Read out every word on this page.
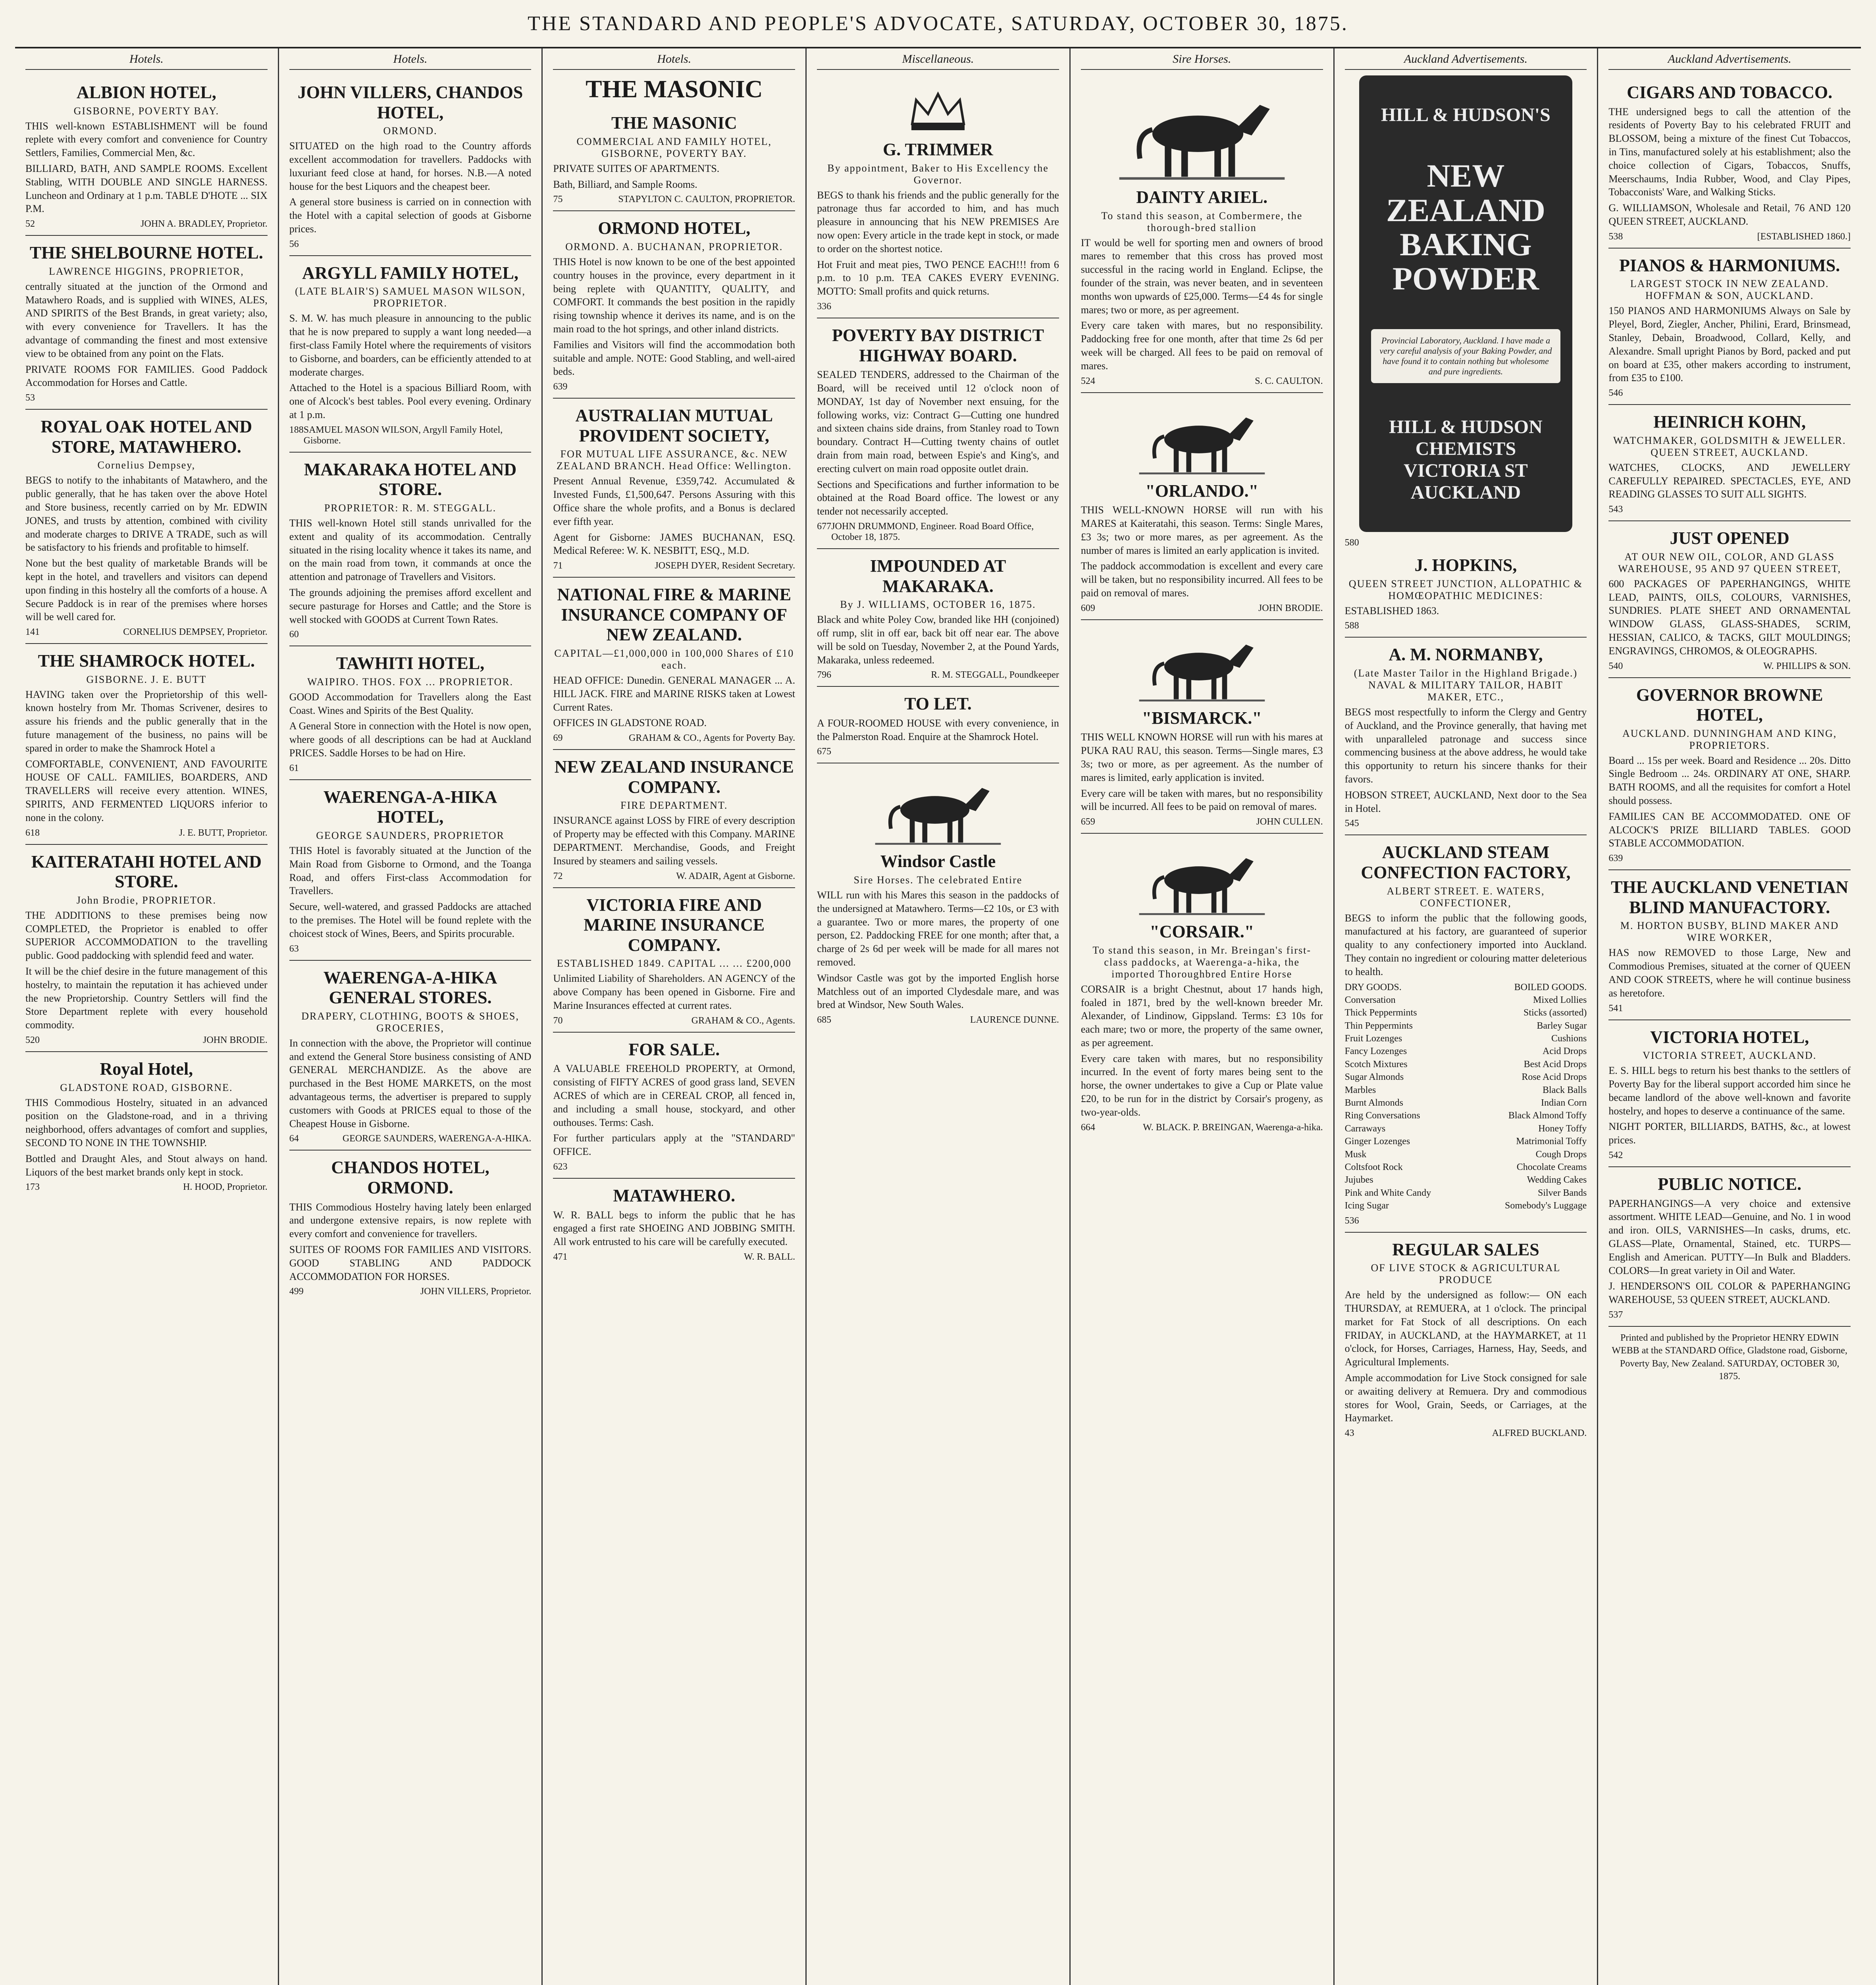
THE STANDARD AND PEOPLE'S ADVOCATE, SATURDAY, OCTOBER 30, 1875.
Hotels.
ALBION HOTEL,
GISBORNE, POVERTY BAY.
THIS well-known ESTABLISHMENT will be found replete with every comfort and convenience for Country Settlers, Families, Commercial Men, &c.
BILLIARD, BATH, AND SAMPLE ROOMS. Excellent Stabling, WITH DOUBLE AND SINGLE HARNESS. Luncheon and Ordinary at 1 p.m. TABLE D'HOTE ... SIX P.M.
52	JOHN A. BRADLEY, Proprietor.
THE SHELBOURNE HOTEL.
LAWRENCE HIGGINS, PROPRIETOR,
centrally situated at the junction of the Ormond and Matawhero Roads, and is supplied with WINES, ALES, AND SPIRITS of the Best Brands, in great variety; also, with every convenience for Travellers. It has the advantage of commanding the finest and most extensive view to be obtained from any point on the Flats.
PRIVATE ROOMS FOR FAMILIES. Good Paddock Accommodation for Horses and Cattle.
53
ROYAL OAK HOTEL AND STORE, MATAWHERO.
Cornelius Dempsey,
BEGS to notify to the inhabitants of Matawhero, and the public generally, that he has taken over the above Hotel and Store business, recently carried on by Mr. EDWIN JONES, and trusts by attention, combined with civility and moderate charges to DRIVE A TRADE, such as will be satisfactory to his friends and profitable to himself.
None but the best quality of marketable Brands will be kept in the hotel, and travellers and visitors can depend upon finding in this hostelry all the comforts of a house. A Secure Paddock is in rear of the premises where horses will be well cared for.
141	CORNELIUS DEMPSEY, Proprietor.
THE SHAMROCK HOTEL.
GISBORNE. J. E. BUTT
HAVING taken over the Proprietorship of this well-known hostelry from Mr. Thomas Scrivener, desires to assure his friends and the public generally that in the future management of the business, no pains will be spared in order to make the Shamrock Hotel a
COMFORTABLE, CONVENIENT, AND FAVOURITE HOUSE OF CALL. FAMILIES, BOARDERS, AND TRAVELLERS will receive every attention. WINES, SPIRITS, AND FERMENTED LIQUORS inferior to none in the colony.
618	J. E. BUTT, Proprietor.
KAITERATAHI HOTEL AND STORE.
John Brodie, PROPRIETOR.
THE ADDITIONS to these premises being now COMPLETED, the Proprietor is enabled to offer SUPERIOR ACCOMMODATION to the travelling public. Good paddocking with splendid feed and water.
It will be the chief desire in the future management of this hostelry, to maintain the reputation it has achieved under the new Proprietorship. Country Settlers will find the Store Department replete with every household commodity.
520	JOHN BRODIE.
Royal Hotel,
GLADSTONE ROAD, GISBORNE.
THIS Commodious Hostelry, situated in an advanced position on the Gladstone-road, and in a thriving neighborhood, offers advantages of comfort and supplies, SECOND TO NONE IN THE TOWNSHIP.
Bottled and Draught Ales, and Stout always on hand. Liquors of the best market brands only kept in stock.
173	H. HOOD, Proprietor.
Hotels.
JOHN VILLERS, CHANDOS HOTEL,
ORMOND.
SITUATED on the high road to the Country affords excellent accommodation for travellers. Paddocks with luxuriant feed close at hand, for horses. N.B.—A noted house for the best Liquors and the cheapest beer.
A general store business is carried on in connection with the Hotel with a capital selection of goods at Gisborne prices.
56
ARGYLL FAMILY HOTEL,
(LATE BLAIR'S) SAMUEL MASON WILSON, PROPRIETOR.
S. M. W. has much pleasure in announcing to the public that he is now prepared to supply a want long needed—a first-class Family Hotel where the requirements of visitors to Gisborne, and boarders, can be efficiently attended to at moderate charges.
Attached to the Hotel is a spacious Billiard Room, with one of Alcock's best tables. Pool every evening. Ordinary at 1 p.m.
188 SAMUEL MASON WILSON, Argyll Family Hotel, Gisborne.
MAKARAKA HOTEL AND STORE.
PROPRIETOR: R. M. STEGGALL.
THIS well-known Hotel still stands unrivalled for the extent and quality of its accommodation. Centrally situated in the rising locality whence it takes its name, and on the main road from town, it commands at once the attention and patronage of Travellers and Visitors.
The grounds adjoining the premises afford excellent and secure pasturage for Horses and Cattle; and the Store is well stocked with GOODS at Current Town Rates.
60
TAWHITI HOTEL,
WAIPIRO. THOS. FOX ... PROPRIETOR.
GOOD Accommodation for Travellers along the East Coast. Wines and Spirits of the Best Quality.
A General Store in connection with the Hotel is now open, where goods of all descriptions can be had at Auckland PRICES. Saddle Horses to be had on Hire.
61
WAERENGA-A-HIKA HOTEL,
GEORGE SAUNDERS, PROPRIETOR
THIS Hotel is favorably situated at the Junction of the Main Road from Gisborne to Ormond, and the Toanga Road, and offers First-class Accommodation for Travellers.
Secure, well-watered, and grassed Paddocks are attached to the premises. The Hotel will be found replete with the choicest stock of Wines, Beers, and Spirits procurable.
63
WAERENGA-A-HIKA GENERAL STORES.
DRAPERY, CLOTHING, BOOTS & SHOES, GROCERIES,
In connection with the above, the Proprietor will continue and extend the General Store business consisting of AND GENERAL MERCHANDIZE. As the above are purchased in the Best HOME MARKETS, on the most advantageous terms, the advertiser is prepared to supply customers with Goods at PRICES equal to those of the Cheapest House in Gisborne.
64	GEORGE SAUNDERS, WAERENGA-A-HIKA.
CHANDOS HOTEL, ORMOND.
THIS Commodious Hostelry having lately been enlarged and undergone extensive repairs, is now replete with every comfort and convenience for travellers.
SUITES OF ROOMS FOR FAMILIES AND VISITORS. GOOD STABLING AND PADDOCK ACCOMMODATION FOR HORSES.
499	JOHN VILLERS, Proprietor.
Hotels.
THE MASONIC
THE MASONIC
COMMERCIAL AND FAMILY HOTEL, GISBORNE, POVERTY BAY.
PRIVATE SUITES OF APARTMENTS.
Bath, Billiard, and Sample Rooms.
75	STAPYLTON C. CAULTON, PROPRIETOR.
ORMOND HOTEL,
ORMOND. A. BUCHANAN, PROPRIETOR.
THIS Hotel is now known to be one of the best appointed country houses in the province, every department in it being replete with QUANTITY, QUALITY, and COMFORT. It commands the best position in the rapidly rising township whence it derives its name, and is on the main road to the hot springs, and other inland districts.
Families and Visitors will find the accommodation both suitable and ample. NOTE: Good Stabling, and well-aired beds.
639
AUSTRALIAN MUTUAL PROVIDENT SOCIETY,
FOR MUTUAL LIFE ASSURANCE, &c. NEW ZEALAND BRANCH. Head Office: Wellington.
Present Annual Revenue, £359,742. Accumulated & Invested Funds, £1,500,647. Persons Assuring with this Office share the whole profits, and a Bonus is declared ever fifth year.
Agent for Gisborne: JAMES BUCHANAN, ESQ. Medical Referee: W. K. NESBITT, ESQ., M.D.
71	JOSEPH DYER, Resident Secretary.
NATIONAL FIRE & MARINE INSURANCE COMPANY OF NEW ZEALAND.
CAPITAL—£1,000,000 in 100,000 Shares of £10 each.
HEAD OFFICE: Dunedin. GENERAL MANAGER ... A. HILL JACK. FIRE and MARINE RISKS taken at Lowest Current Rates.
OFFICES IN GLADSTONE ROAD.
69	GRAHAM & CO., Agents for Poverty Bay.
NEW ZEALAND INSURANCE COMPANY.
FIRE DEPARTMENT.
INSURANCE against LOSS by FIRE of every description of Property may be effected with this Company. MARINE DEPARTMENT. Merchandise, Goods, and Freight Insured by steamers and sailing vessels.
72	W. ADAIR, Agent at Gisborne.
VICTORIA FIRE AND MARINE INSURANCE COMPANY.
ESTABLISHED 1849. CAPITAL ... ... £200,000
Unlimited Liability of Shareholders. AN AGENCY of the above Company has been opened in Gisborne. Fire and Marine Insurances effected at current rates.
70	GRAHAM & CO., Agents.
FOR SALE.
A VALUABLE FREEHOLD PROPERTY, at Ormond, consisting of FIFTY ACRES of good grass land, SEVEN ACRES of which are in CEREAL CROP, all fenced in, and including a small house, stockyard, and other outhouses. Terms: Cash.
For further particulars apply at the "STANDARD" OFFICE.
623
MATAWHERO.
W. R. BALL begs to inform the public that he has engaged a first rate SHOEING AND JOBBING SMITH. All work entrusted to his care will be carefully executed.
471	W. R. BALL.
Miscellaneous.
G. TRIMMER
By appointment, Baker to His Excellency the Governor.
BEGS to thank his friends and the public generally for the patronage thus far accorded to him, and has much pleasure in announcing that his NEW PREMISES Are now open: Every article in the trade kept in stock, or made to order on the shortest notice.
Hot Fruit and meat pies, TWO PENCE EACH!!! from 6 p.m. to 10 p.m. TEA CAKES EVERY EVENING. MOTTO: Small profits and quick returns.
336
POVERTY BAY DISTRICT HIGHWAY BOARD.
SEALED TENDERS, addressed to the Chairman of the Board, will be received until 12 o'clock noon of MONDAY, 1st day of November next ensuing, for the following works, viz: Contract G—Cutting one hundred and sixteen chains side drains, from Stanley road to Town boundary. Contract H—Cutting twenty chains of outlet drain from main road, between Espie's and King's, and erecting culvert on main road opposite outlet drain.
Sections and Specifications and further information to be obtained at the Road Board office. The lowest or any tender not necessarily accepted.
677 JOHN DRUMMOND, Engineer. Road Board Office, October 18, 1875.
IMPOUNDED AT MAKARAKA.
By J. WILLIAMS, OCTOBER 16, 1875.
Black and white Poley Cow, branded like HH (conjoined) off rump, slit in off ear, back bit off near ear. The above will be sold on Tuesday, November 2, at the Pound Yards, Makaraka, unless redeemed.
796	R. M. STEGGALL, Poundkeeper
TO LET.
A FOUR-ROOMED HOUSE with every convenience, in the Palmerston Road. Enquire at the Shamrock Hotel.
675
Windsor Castle
Sire Horses. The celebrated Entire
WILL run with his Mares this season in the paddocks of the undersigned at Matawhero. Terms—£2 10s, or £3 with a guarantee. Two or more mares, the property of one person, £2. Paddocking FREE for one month; after that, a charge of 2s 6d per week will be made for all mares not removed.
Windsor Castle was got by the imported English horse Matchless out of an imported Clydesdale mare, and was bred at Windsor, New South Wales.
685	LAURENCE DUNNE.
Sire Horses.
DAINTY ARIEL.
To stand this season, at Combermere, the thorough-bred stallion
IT would be well for sporting men and owners of brood mares to remember that this cross has proved most successful in the racing world in England. Eclipse, the founder of the strain, was never beaten, and in seventeen months won upwards of £25,000. Terms—£4 4s for single mares; two or more, as per agreement.
Every care taken with mares, but no responsibility. Paddocking free for one month, after that time 2s 6d per week will be charged. All fees to be paid on removal of mares.
524	S. C. CAULTON.
"ORLANDO."
THIS WELL-KNOWN HORSE will run with his MARES at Kaiteratahi, this season. Terms: Single Mares, £3 3s; two or more mares, as per agreement. As the number of mares is limited an early application is invited.
The paddock accommodation is excellent and every care will be taken, but no responsibility incurred. All fees to be paid on removal of mares.
609	JOHN BRODIE.
"BISMARCK."
THIS WELL KNOWN HORSE will run with his mares at PUKA RAU RAU, this season. Terms—Single mares, £3 3s; two or more, as per agreement. As the number of mares is limited, early application is invited.
Every care will be taken with mares, but no responsibility will be incurred. All fees to be paid on removal of mares.
659	JOHN CULLEN.
"CORSAIR."
To stand this season, in Mr. Breingan's first-class paddocks, at Waerenga-a-hika, the imported Thoroughbred Entire Horse
CORSAIR is a bright Chestnut, about 17 hands high, foaled in 1871, bred by the well-known breeder Mr. Alexander, of Lindinow, Gippsland. Terms: £3 10s for each mare; two or more, the property of the same owner, as per agreement.
Every care taken with mares, but no responsibility incurred. In the event of forty mares being sent to the horse, the owner undertakes to give a Cup or Plate value £20, to be run for in the district by Corsair's progeny, as two-year-olds.
664	W. BLACK. P. BREINGAN, Waerenga-a-hika.
Auckland Advertisements.
HILL & HUDSON'S
NEW ZEALAND BAKING POWDER
Provincial Laboratory, Auckland. I have made a very careful analysis of your Baking Powder, and have found it to contain nothing but wholesome and pure ingredients.
HILL & HUDSON CHEMISTS VICTORIA ST AUCKLAND
580
J. HOPKINS,
QUEEN STREET JUNCTION, ALLOPATHIC & HOMŒOPATHIC MEDICINES:
ESTABLISHED 1863.
588
A. M. NORMANBY,
(Late Master Tailor in the Highland Brigade.) NAVAL & MILITARY TAILOR, HABIT MAKER, ETC.,
BEGS most respectfully to inform the Clergy and Gentry of Auckland, and the Province generally, that having met with unparalleled patronage and success since commencing business at the above address, he would take this opportunity to return his sincere thanks for their favors.
HOBSON STREET, AUCKLAND, Next door to the Sea in Hotel.
545
AUCKLAND STEAM CONFECTION FACTORY,
ALBERT STREET. E. WATERS, CONFECTIONER,
BEGS to inform the public that the following goods, manufactured at his factory, are guaranteed of superior quality to any confectionery imported into Auckland. They contain no ingredient or colouring matter deleterious to health.
DRY GOODS.	BOILED GOODS.
Conversation	Mixed Lollies
Thick Peppermints	Sticks (assorted)
Thin Peppermints	Barley Sugar
Fruit Lozenges	Cushions
Fancy Lozenges	Acid Drops
Scotch Mixtures	Best Acid Drops
Sugar Almonds	Rose Acid Drops
Marbles	Black Balls
Burnt Almonds	Indian Corn
Ring Conversations	Black Almond Toffy
Carraways	Honey Toffy
Ginger Lozenges	Matrimonial Toffy
Musk	Cough Drops
Coltsfoot Rock	Chocolate Creams
Jujubes	Wedding Cakes
Pink and White Candy	Silver Bands
Icing Sugar	Somebody's Luggage
536
REGULAR SALES
OF LIVE STOCK & AGRICULTURAL PRODUCE
Are held by the undersigned as follow:— ON each THURSDAY, at REMUERA, at 1 o'clock. The principal market for Fat Stock of all descriptions. On each FRIDAY, in AUCKLAND, at the HAYMARKET, at 11 o'clock, for Horses, Carriages, Harness, Hay, Seeds, and Agricultural Implements.
Ample accommodation for Live Stock consigned for sale or awaiting delivery at Remuera. Dry and commodious stores for Wool, Grain, Seeds, or Carriages, at the Haymarket.
43	ALFRED BUCKLAND.
Auckland Advertisements.
CIGARS AND TOBACCO.
THE undersigned begs to call the attention of the residents of Poverty Bay to his celebrated FRUIT and BLOSSOM, being a mixture of the finest Cut Tobaccos, in Tins, manufactured solely at his establishment; also the choice collection of Cigars, Tobaccos, Snuffs, Meerschaums, India Rubber, Wood, and Clay Pipes, Tobacconists' Ware, and Walking Sticks.
G. WILLIAMSON, Wholesale and Retail, 76 AND 120 QUEEN STREET, AUCKLAND.
538	[ESTABLISHED 1860.]
PIANOS & HARMONIUMS.
LARGEST STOCK IN NEW ZEALAND. HOFFMAN & SON, AUCKLAND.
150 PIANOS AND HARMONIUMS Always on Sale by Pleyel, Bord, Ziegler, Ancher, Philini, Erard, Brinsmead, Stanley, Debain, Broadwood, Collard, Kelly, and Alexandre. Small upright Pianos by Bord, packed and put on board at £35, other makers according to instrument, from £35 to £100.
546
HEINRICH KOHN,
WATCHMAKER, GOLDSMITH & JEWELLER. QUEEN STREET, AUCKLAND.
WATCHES, CLOCKS, AND JEWELLERY CAREFULLY REPAIRED. SPECTACLES, EYE, AND READING GLASSES TO SUIT ALL SIGHTS.
543
JUST OPENED
AT OUR NEW OIL, COLOR, AND GLASS WAREHOUSE, 95 AND 97 QUEEN STREET,
600 PACKAGES OF PAPERHANGINGS, WHITE LEAD, PAINTS, OILS, COLOURS, VARNISHES, SUNDRIES. PLATE SHEET AND ORNAMENTAL WINDOW GLASS, GLASS-SHADES, SCRIM, HESSIAN, CALICO, & TACKS, GILT MOULDINGS; ENGRAVINGS, CHROMOS, & OLEOGRAPHS.
540	W. PHILLIPS & SON.
GOVERNOR BROWNE HOTEL,
AUCKLAND. DUNNINGHAM AND KING, PROPRIETORS.
Board ... 15s per week. Board and Residence ... 20s. Ditto Single Bedroom ... 24s. ORDINARY AT ONE, SHARP. BATH ROOMS, and all the requisites for comfort a Hotel should possess.
FAMILIES CAN BE ACCOMMODATED. ONE OF ALCOCK'S PRIZE BILLIARD TABLES. GOOD STABLE ACCOMMODATION.
639
THE AUCKLAND VENETIAN BLIND MANUFACTORY.
M. HORTON BUSBY, BLIND MAKER AND WIRE WORKER,
HAS now REMOVED to those Large, New and Commodious Premises, situated at the corner of QUEEN AND COOK STREETS, where he will continue business as heretofore.
541
VICTORIA HOTEL,
VICTORIA STREET, AUCKLAND.
E. S. HILL begs to return his best thanks to the settlers of Poverty Bay for the liberal support accorded him since he became landlord of the above well-known and favorite hostelry, and hopes to deserve a continuance of the same.
NIGHT PORTER, BILLIARDS, BATHS, &c., at lowest prices.
542
PUBLIC NOTICE.
PAPERHANGINGS—A very choice and extensive assortment. WHITE LEAD—Genuine, and No. 1 in wood and iron. OILS, VARNISHES—In casks, drums, etc. GLASS—Plate, Ornamental, Stained, etc. TURPS—English and American. PUTTY—In Bulk and Bladders. COLORS—In great variety in Oil and Water.
J. HENDERSON'S OIL COLOR & PAPERHANGING WAREHOUSE, 53 QUEEN STREET, AUCKLAND.
537
Printed and published by the Proprietor HENRY EDWIN WEBB at the STANDARD Office, Gladstone road, Gisborne, Poverty Bay, New Zealand. SATURDAY, OCTOBER 30, 1875.
